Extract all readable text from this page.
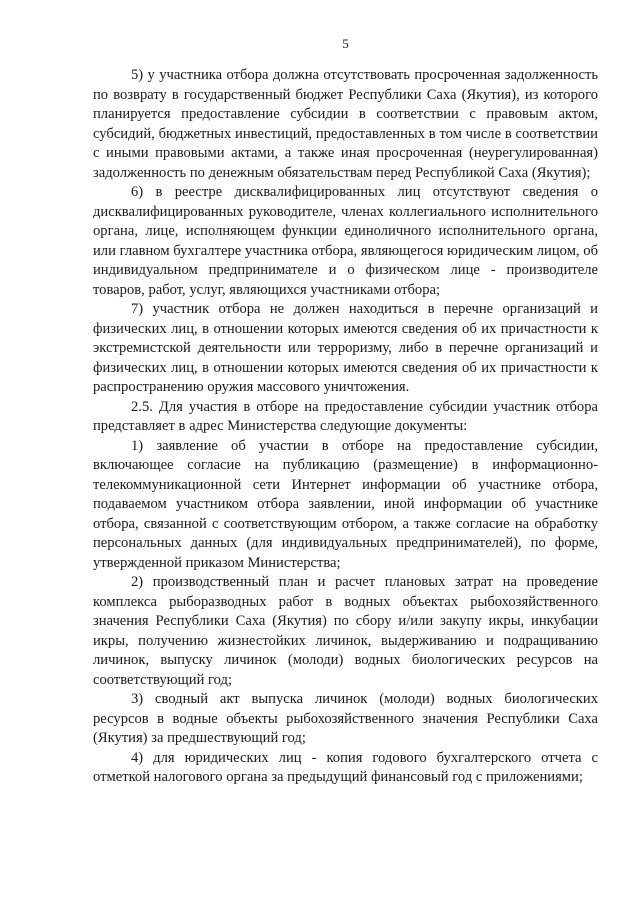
5

5) у участника отбора должна отсутствовать просроченная задолженность по возврату в государственный бюджет Республики Саха (Якутия), из которого планируется предоставление субсидии в соответствии с правовым актом, субсидий, бюджетных инвестиций, предоставленных в том числе в соответствии с иными правовыми актами, а также иная просроченная (неурегулированная) задолженность по денежным обязательствам перед Республикой Саха (Якутия);

6) в реестре дисквалифицированных лиц отсутствуют сведения о дисквалифицированных руководителе, членах коллегиального исполнительного органа, лице, исполняющем функции единоличного исполнительного органа, или главном бухгалтере участника отбора, являющегося юридическим лицом, об индивидуальном предпринимателе и о физическом лице - производителе товаров, работ, услуг, являющихся участниками отбора;

7) участник отбора не должен находиться в перечне организаций и физических лиц, в отношении которых имеются сведения об их причастности к экстремистской деятельности или терроризму, либо в перечне организаций и физических лиц, в отношении которых имеются сведения об их причастности к распространению оружия массового уничтожения.

2.5. Для участия в отборе на предоставление субсидии участник отбора представляет в адрес Министерства следующие документы:

1) заявление об участии в отборе на предоставление субсидии, включающее согласие на публикацию (размещение) в информационно-телекоммуникационной сети Интернет информации об участнике отбора, подаваемом участником отбора заявлении, иной информации об участнике отбора, связанной с соответствующим отбором, а также согласие на обработку персональных данных (для индивидуальных предпринимателей), по форме, утвержденной приказом Министерства;

2) производственный план и расчет плановых затрат на проведение комплекса рыборазводных работ в водных объектах рыбохозяйственного значения Республики Саха (Якутия) по сбору и/или закупу икры, инкубации икры, получению жизнестойких личинок, выдерживанию и подращиванию личинок, выпуску личинок (молоди) водных биологических ресурсов на соответствующий год;

3) сводный акт выпуска личинок (молоди) водных биологических ресурсов в водные объекты рыбохозяйственного значения Республики Саха (Якутия) за предшествующий год;

4) для юридических лиц - копия годового бухгалтерского отчета с отметкой налогового органа за предыдущий финансовый год с приложениями;
